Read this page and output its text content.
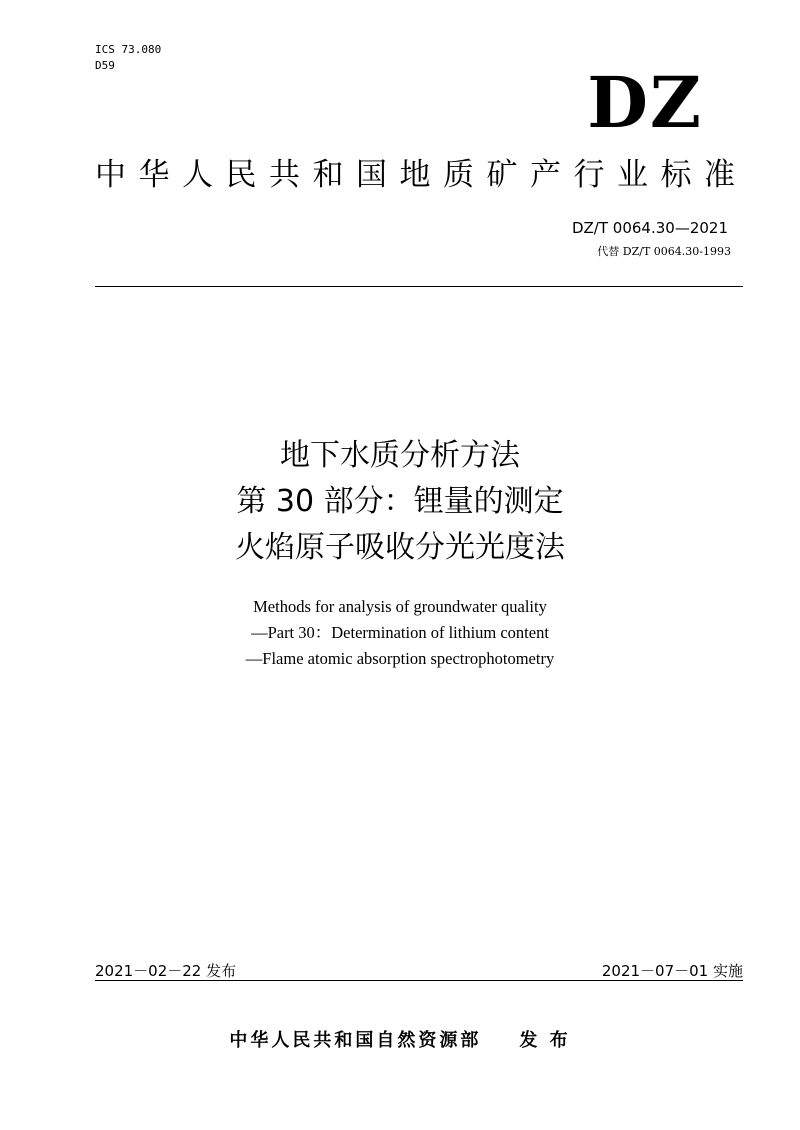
ICS 73.080
D59	DZ
中 华 人 民 共 和 国 地 质 矿 产 行 业 标 准
DZ/T 0064.30—2021
代替 DZ/T 0064.30-1993
地下水质分析方法
第 30 部分：锂量的测定
火焰原子吸收分光光度法
Methods for analysis of groundwater quality
—Part 30：Determination of lithium content
—Flame atomic absorption spectrophotometry
2021－02－22 发布	2021－07－01 实施
中华人民共和国自然资源部 发 布
